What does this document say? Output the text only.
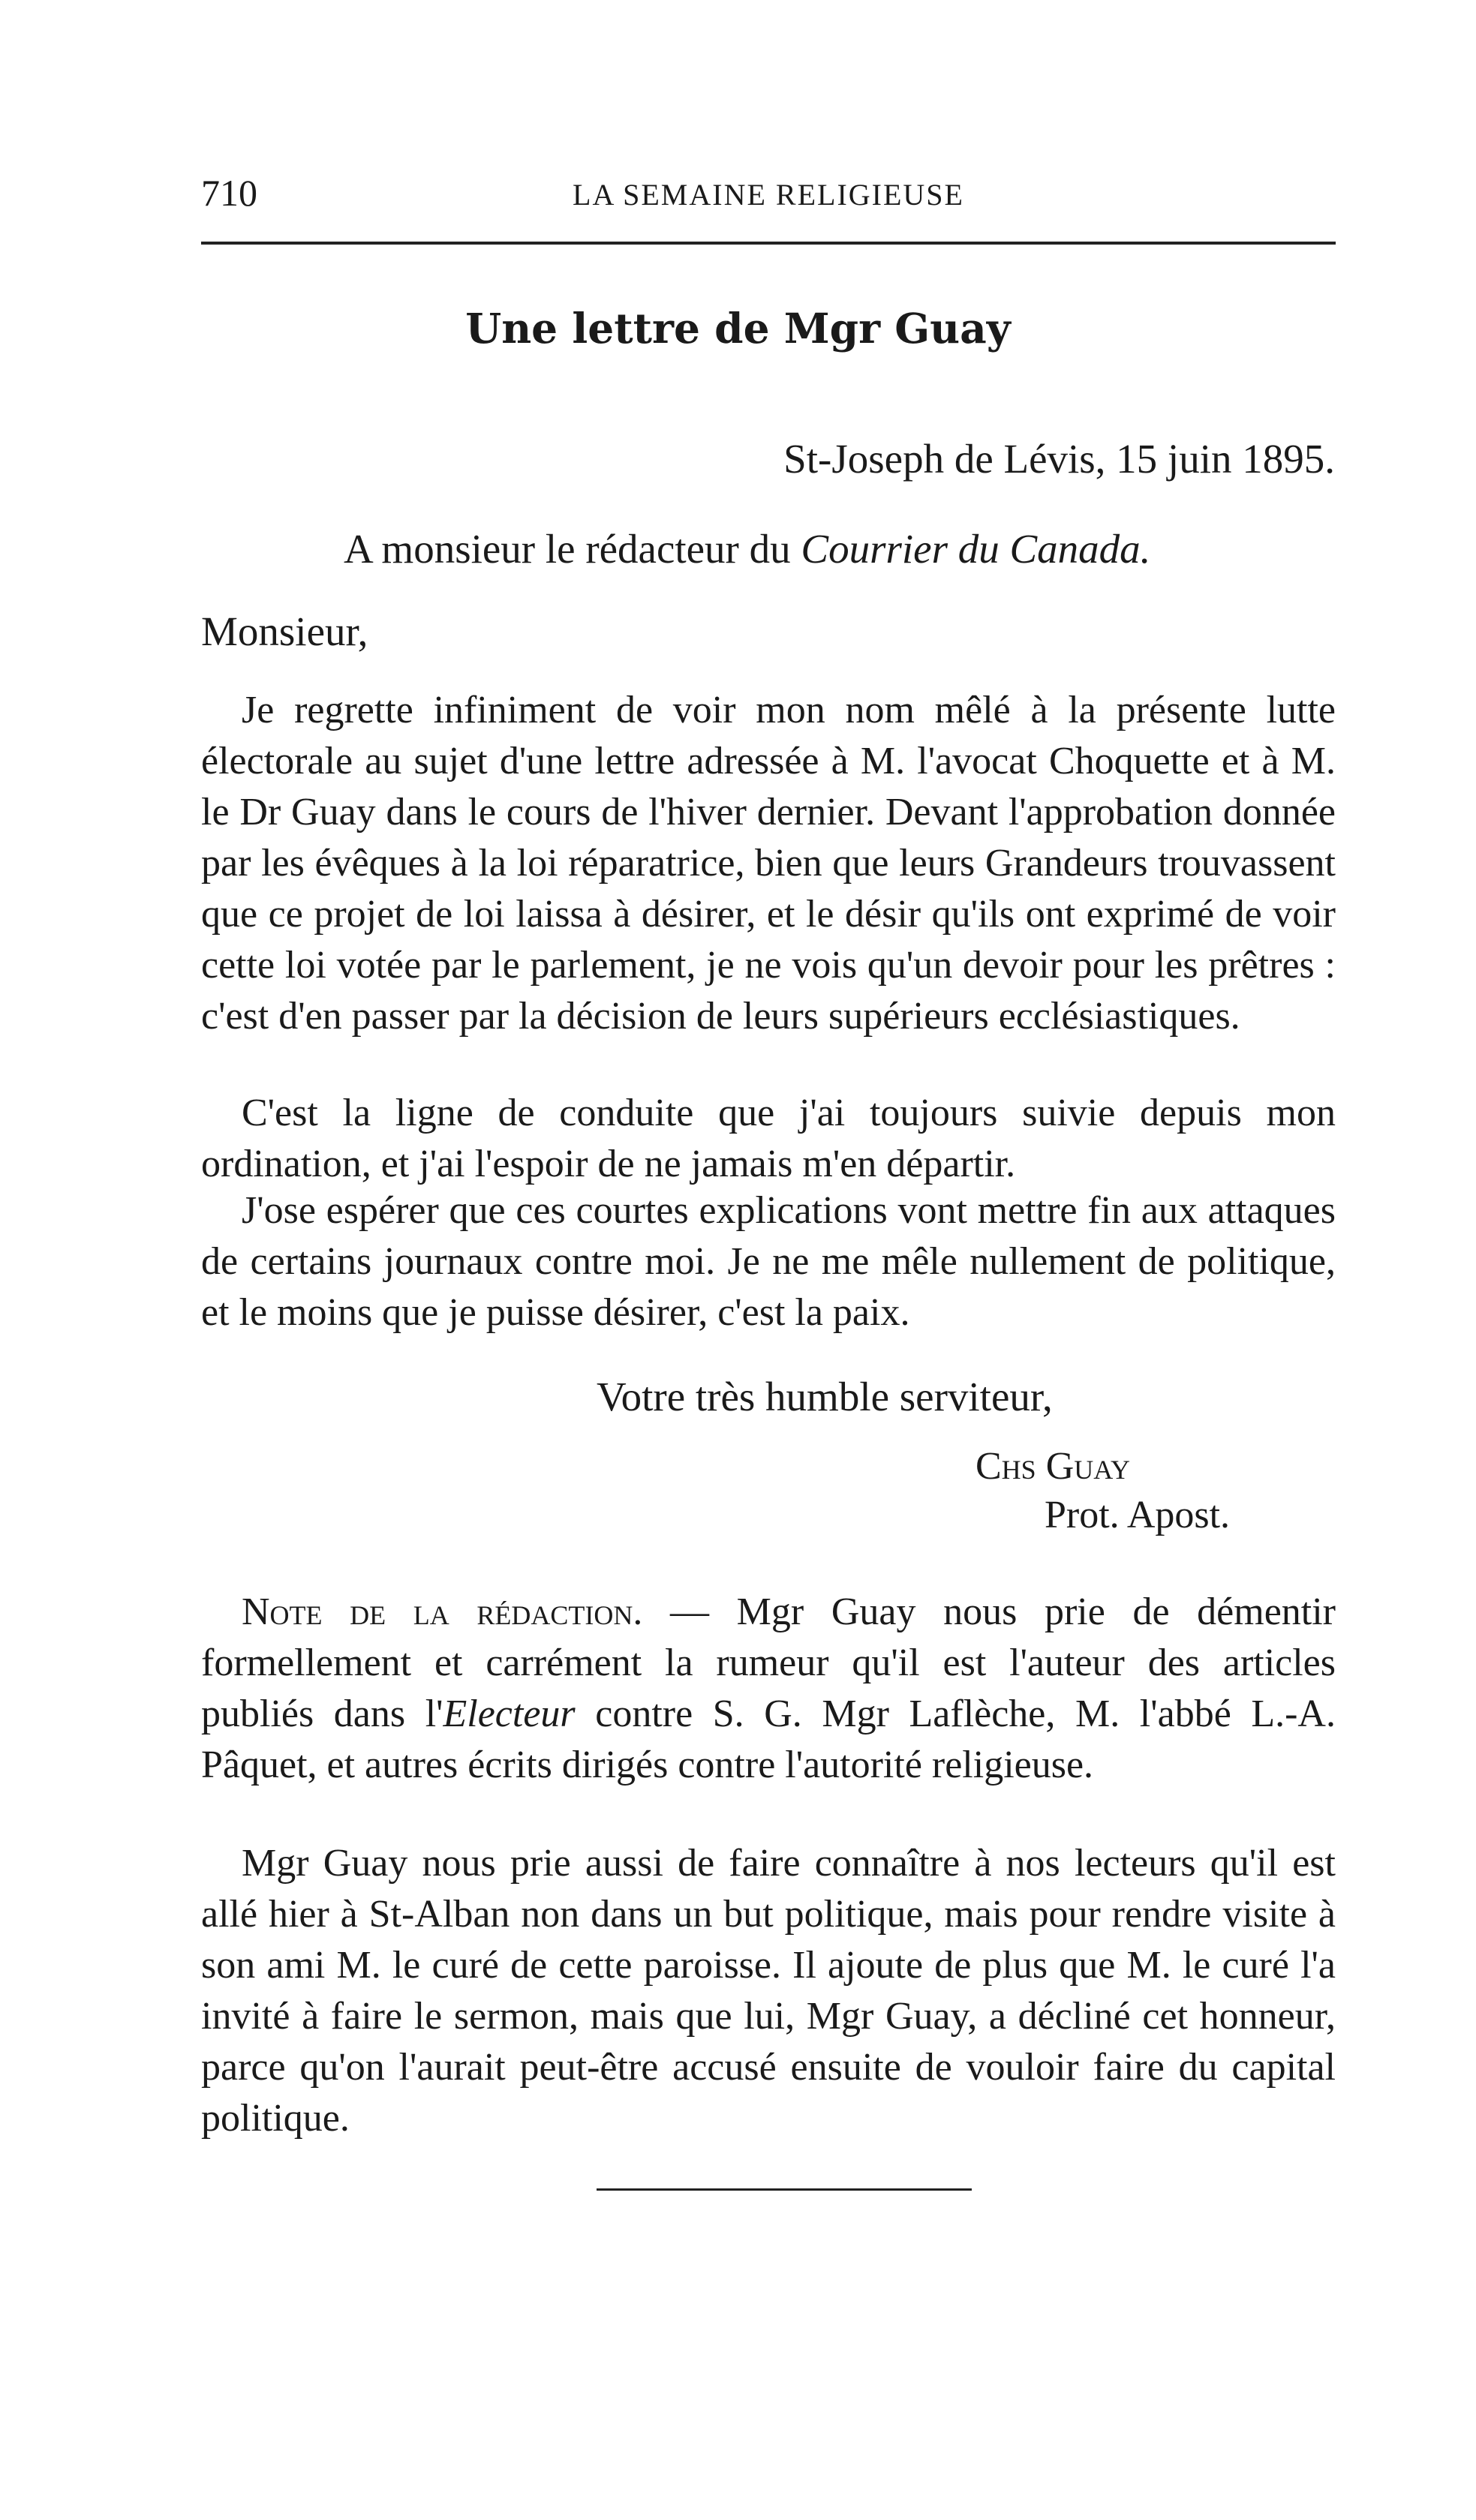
710	LA SEMAINE RELIGIEUSE
Une lettre de Mgr Guay
St-Joseph de Lévis, 15 juin 1895.
A monsieur le rédacteur du Courrier du Canada.
Monsieur,

Je regrette infiniment de voir mon nom mêlé à la présente lutte électorale au sujet d'une lettre adressée à M. l'avocat Choquette et à M. le Dr Guay dans le cours de l'hiver dernier. Devant l'approbation donnée par les évêques à la loi réparatrice, bien que leurs Grandeurs trouvassent que ce projet de loi laissa à désirer, et le désir qu'ils ont exprimé de voir cette loi votée par le parlement, je ne vois qu'un devoir pour les prêtres : c'est d'en passer par la décision de leurs supérieurs ecclésiastiques.

C'est la ligne de conduite que j'ai toujours suivie depuis mon ordination, et j'ai l'espoir de ne jamais m'en départir.

J'ose espérer que ces courtes explications vont mettre fin aux attaques de certains journaux contre moi. Je ne me mêle nullement de politique, et le moins que je puisse désirer, c'est la paix.

Votre très humble serviteur,
Chs Guay
Prot. Apost.

Note de la rédaction. — Mgr Guay nous prie de démentir formellement et carrément la rumeur qu'il est l'auteur des articles publiés dans l'Electeur contre S. G. Mgr Laflèche, M. l'abbé L.-A. Pâquet, et autres écrits dirigés contre l'autorité religieuse.

Mgr Guay nous prie aussi de faire connaître à nos lecteurs qu'il est allé hier à St-Alban non dans un but politique, mais pour rendre visite à son ami M. le curé de cette paroisse. Il ajoute de plus que M. le curé l'a invité à faire le sermon, mais que lui, Mgr Guay, a décliné cet honneur, parce qu'on l'aurait peut-être accusé ensuite de vouloir faire du capital politique.
